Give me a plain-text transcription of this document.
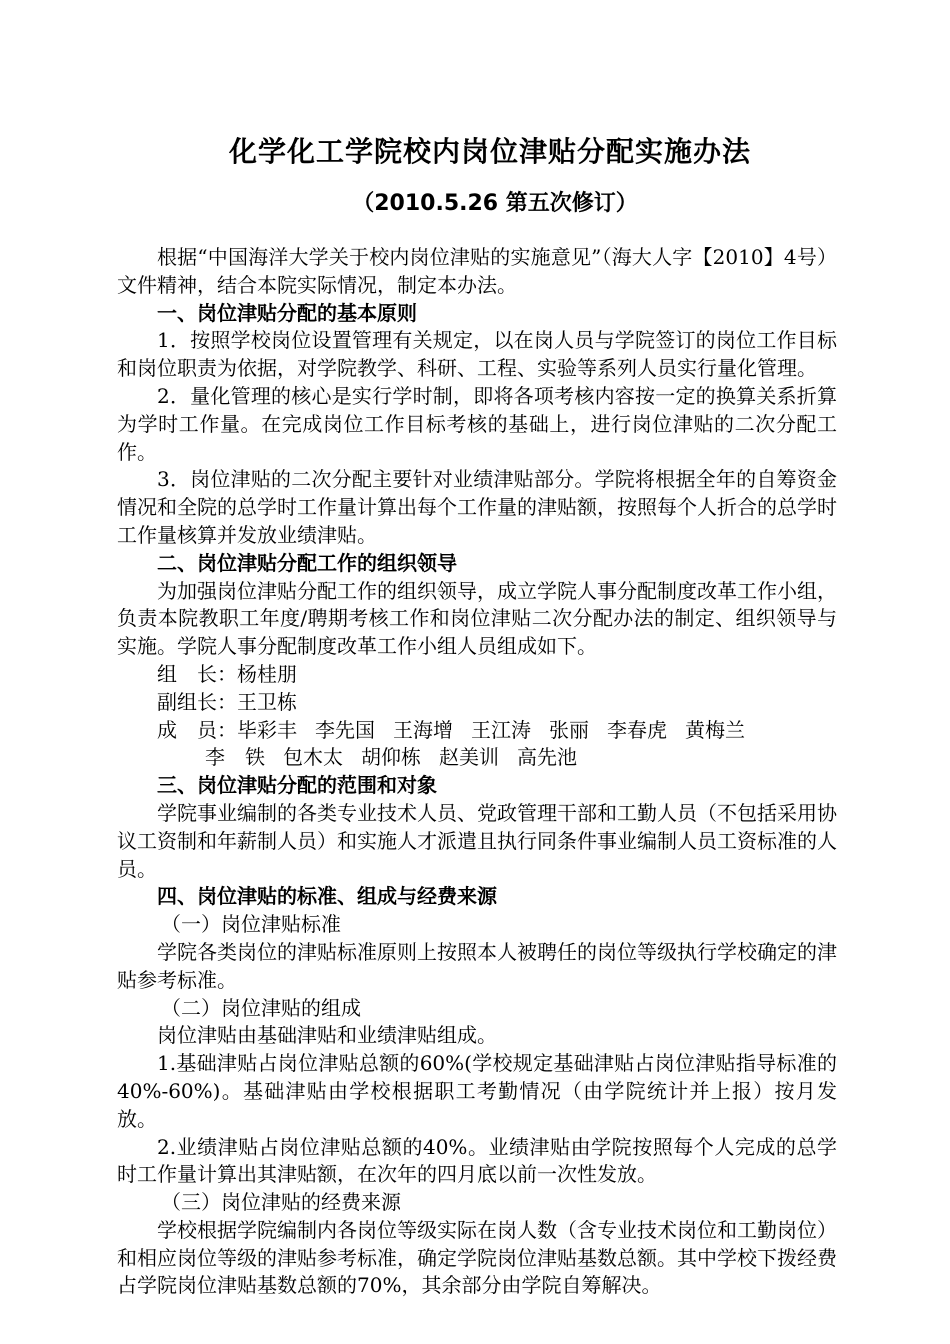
化学化工学院校内岗位津贴分配实施办法
（2010.5.26 第五次修订）

根据“中国海洋大学关于校内岗位津贴的实施意见”（海大人字【2010】4号）文件精神，结合本院实际情况，制定本办法。

一、岗位津贴分配的基本原则

1．按照学校岗位设置管理有关规定，以在岗人员与学院签订的岗位工作目标和岗位职责为依据，对学院教学、科研、工程、实验等系列人员实行量化管理。

2．量化管理的核心是实行学时制，即将各项考核内容按一定的换算关系折算为学时工作量。在完成岗位工作目标考核的基础上，进行岗位津贴的二次分配工作。

3．岗位津贴的二次分配主要针对业绩津贴部分。学院将根据全年的自筹资金情况和全院的总学时工作量计算出每个工作量的津贴额，按照每个人折合的总学时工作量核算并发放业绩津贴。

二、岗位津贴分配工作的组织领导

为加强岗位津贴分配工作的组织领导，成立学院人事分配制度改革工作小组，负责本院教职工年度/聘期考核工作和岗位津贴二次分配办法的制定、组织领导与实施。学院人事分配制度改革工作小组人员组成如下。

组　长：杨桂朋

副组长：王卫栋

成　员：毕彩丰 李先国 王海增 王江涛 张丽 李春虎 黄梅兰

李　铁 包木太 胡仰栋 赵美训 高先池

三、岗位津贴分配的范围和对象

学院事业编制的各类专业技术人员、党政管理干部和工勤人员（不包括采用协议工资制和年薪制人员）和实施人才派遣且执行同条件事业编制人员工资标准的人员。

四、岗位津贴的标准、组成与经费来源

（一）岗位津贴标准

学院各类岗位的津贴标准原则上按照本人被聘任的岗位等级执行学校确定的津贴参考标准。

（二）岗位津贴的组成

岗位津贴由基础津贴和业绩津贴组成。

1.基础津贴占岗位津贴总额的60%(学校规定基础津贴占岗位津贴指导标准的40%-60%)。基础津贴由学校根据职工考勤情况（由学院统计并上报）按月发放。

2.业绩津贴占岗位津贴总额的40%。业绩津贴由学院按照每个人完成的总学时工作量计算出其津贴额，在次年的四月底以前一次性发放。

（三）岗位津贴的经费来源

学校根据学院编制内各岗位等级实际在岗人数（含专业技术岗位和工勤岗位）和相应岗位等级的津贴参考标准，确定学院岗位津贴基数总额。其中学校下拨经费占学院岗位津贴基数总额的70%，其余部分由学院自筹解决。
